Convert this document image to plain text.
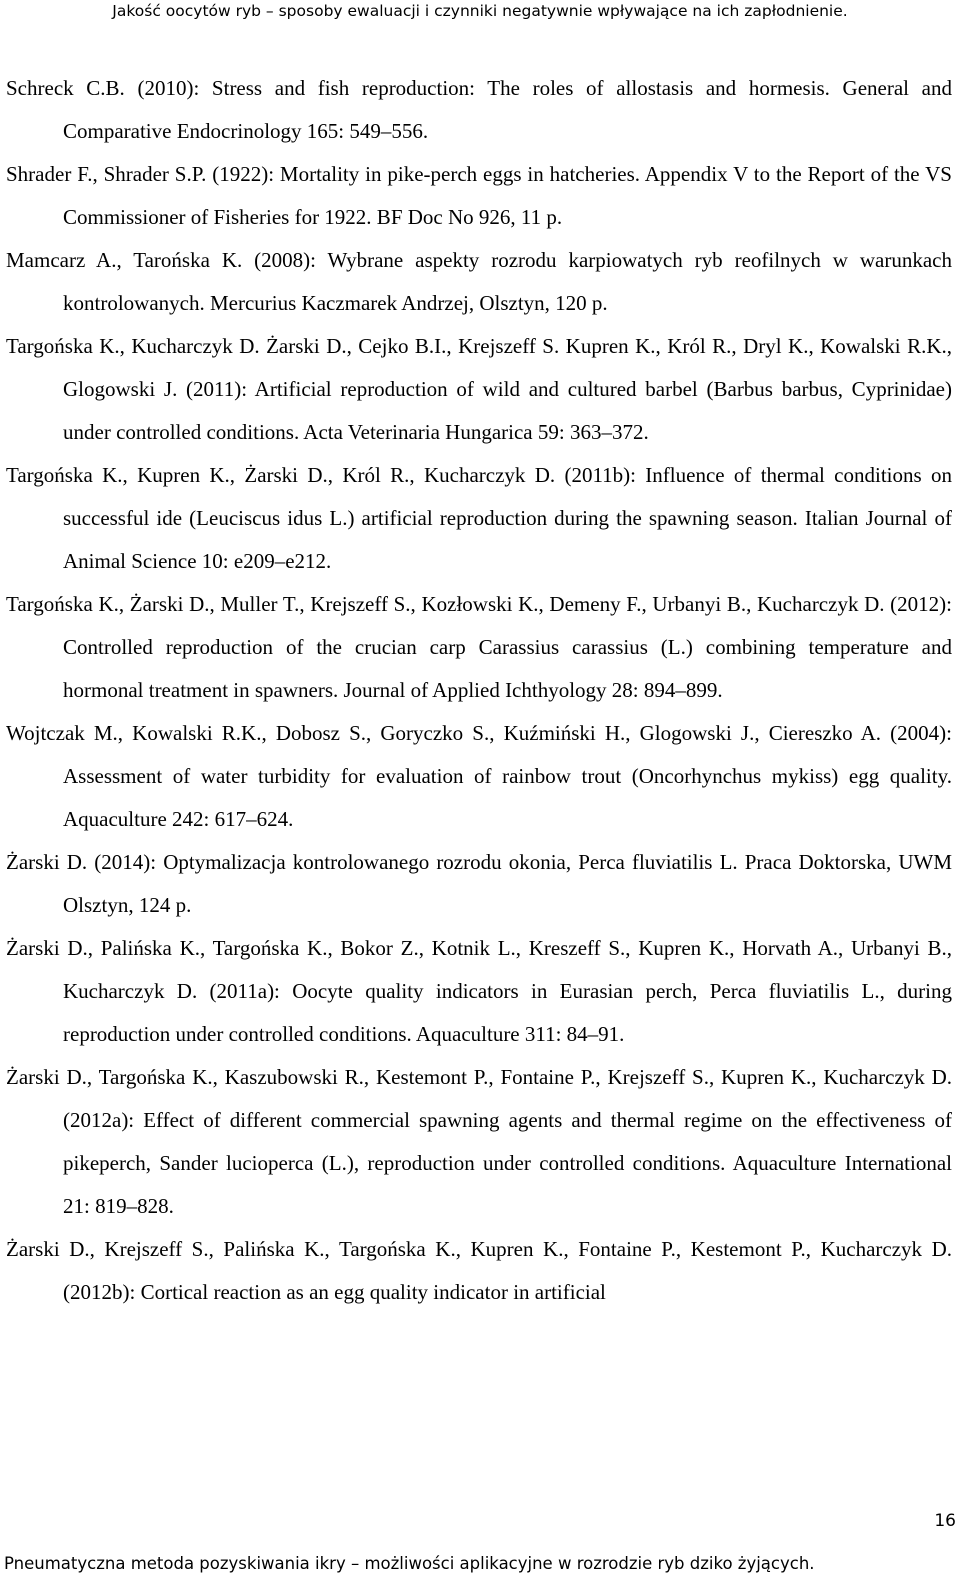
Jakość oocytów ryb – sposoby ewaluacji i czynniki negatywnie wpływające na ich zapłodnienie.

Schreck C.B. (2010): Stress and fish reproduction: The roles of allostasis and hormesis. General and Comparative Endocrinology 165: 549–556.

Shrader F., Shrader S.P. (1922): Mortality in pike-perch eggs in hatcheries. Appendix V to the Report of the VS Commissioner of Fisheries for 1922. BF Doc No 926, 11 p.

Mamcarz A., Tarońska K. (2008): Wybrane aspekty rozrodu karpiowatych ryb reofilnych w warunkach kontrolowanych. Mercurius Kaczmarek Andrzej, Olsztyn, 120 p.

Targońska K., Kucharczyk D. Żarski D., Cejko B.I., Krejszeff S. Kupren K., Król R., Dryl K., Kowalski R.K., Glogowski J. (2011): Artificial reproduction of wild and cultured barbel (Barbus barbus, Cyprinidae) under controlled conditions. Acta Veterinaria Hungarica 59: 363–372.

Targońska K., Kupren K., Żarski D., Król R., Kucharczyk D. (2011b): Influence of thermal conditions on successful ide (Leuciscus idus L.) artificial reproduction during the spawning season. Italian Journal of Animal Science 10: e209–e212.

Targońska K., Żarski D., Muller T., Krejszeff S., Kozłowski K., Demeny F., Urbanyi B., Kucharczyk D. (2012): Controlled reproduction of the crucian carp Carassius carassius (L.) combining temperature and hormonal treatment in spawners. Journal of Applied Ichthyology 28: 894–899.

Wojtczak M., Kowalski R.K., Dobosz S., Goryczko S., Kuźmiński H., Glogowski J., Ciereszko A. (2004): Assessment of water turbidity for evaluation of rainbow trout (Oncorhynchus mykiss) egg quality. Aquaculture 242: 617–624.

Żarski D. (2014): Optymalizacja kontrolowanego rozrodu okonia, Perca fluviatilis L. Praca Doktorska, UWM Olsztyn, 124 p.

Żarski D., Palińska K., Targońska K., Bokor Z., Kotnik L., Kreszeff S., Kupren K., Horvath A., Urbanyi B., Kucharczyk D. (2011a): Oocyte quality indicators in Eurasian perch, Perca fluviatilis L., during reproduction under controlled conditions. Aquaculture 311: 84–91.

Żarski D., Targońska K., Kaszubowski R., Kestemont P., Fontaine P., Krejszeff S., Kupren K., Kucharczyk D. (2012a): Effect of different commercial spawning agents and thermal regime on the effectiveness of pikeperch, Sander lucioperca (L.), reproduction under controlled conditions. Aquaculture International 21: 819–828.

Żarski D., Krejszeff S., Palińska K., Targońska K., Kupren K., Fontaine P., Kestemont P., Kucharczyk D. (2012b): Cortical reaction as an egg quality indicator in artificial

16
Pneumatyczna metoda pozyskiwania ikry – możliwości aplikacyjne w rozrodzie ryb dziko żyjących.
